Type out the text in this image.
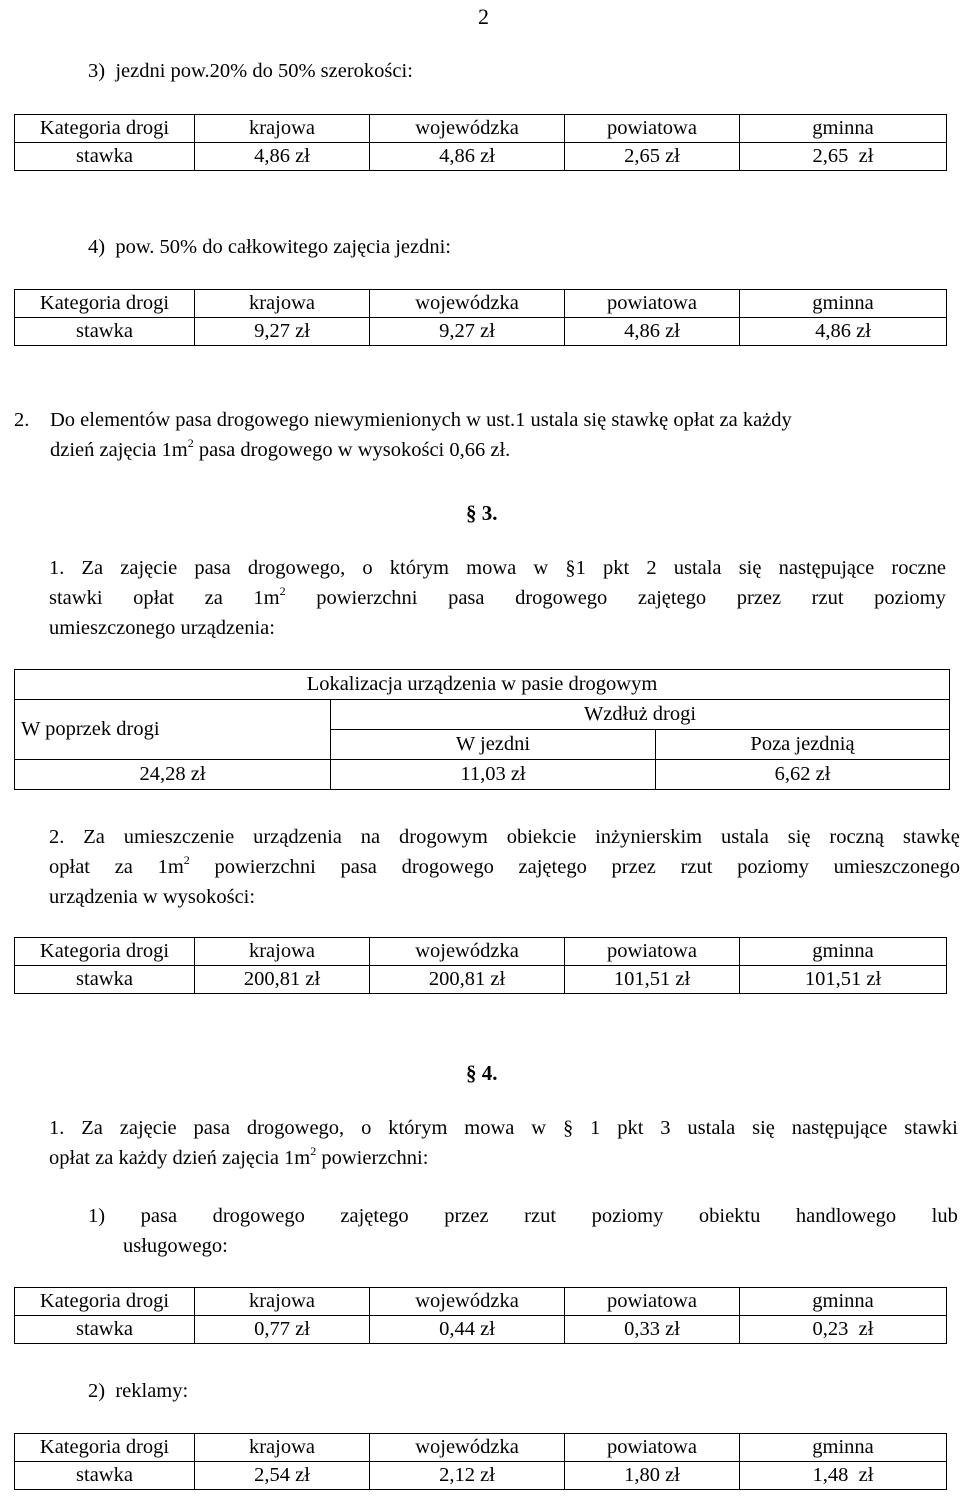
2
3)  jezdni pow.20% do 50% szerokości:
Kategoria drogi	krajowa	wojewódzka	powiatowa	gminna
stawka	4,86 zł	4,86 zł	2,65 zł	2,65  zł
4)  pow. 50% do całkowitego zajęcia jezdni:
Kategoria drogi	krajowa	wojewódzka	powiatowa	gminna
stawka	9,27 zł	9,27 zł	4,86 zł	4,86 zł
2.	Do elementów pasa drogowego niewymienionych w ust.1 ustala się stawkę opłat za każdy
dzień zajęcia $1m^2$ pasa drogowego w wysokości 0,66 zł.
§ 3.
1. Za zajęcie pasa drogowego, o którym mowa w §1 pkt 2 ustala się następujące roczne
stawki opłat za $1m^2$ powierzchni pasa drogowego zajętego przez rzut poziomy
umieszczonego urządzenia:
Lokalizacja urządzenia w pasie drogowym		
W poprzek drogi	Wzdłuż drogi	
	W jezdni	Poza jezdnią
24,28 zł	11,03 zł	6,62 zł
2. Za umieszczenie urządzenia na drogowym obiekcie inżynierskim ustala się roczną stawkę
opłat za $1m^2$ powierzchni pasa drogowego zajętego przez rzut poziomy umieszczonego
urządzenia w wysokości:
Kategoria drogi	krajowa	wojewódzka	powiatowa	gminna
stawka	200,81 zł	200,81 zł	101,51 zł	101,51 zł
§ 4.
1. Za zajęcie pasa drogowego, o którym mowa w § 1 pkt 3 ustala się następujące stawki
opłat za każdy dzień zajęcia $1m^2$ powierzchni:
1) pasa drogowego zajętego przez rzut poziomy obiektu handlowego lub
usługowego:
Kategoria drogi	krajowa	wojewódzka	powiatowa	gminna
stawka	0,77 zł	0,44 zł	0,33 zł	0,23  zł
2)  reklamy:
Kategoria drogi	krajowa	wojewódzka	powiatowa	gminna
stawka	2,54 zł	2,12 zł	1,80 zł	1,48  zł
